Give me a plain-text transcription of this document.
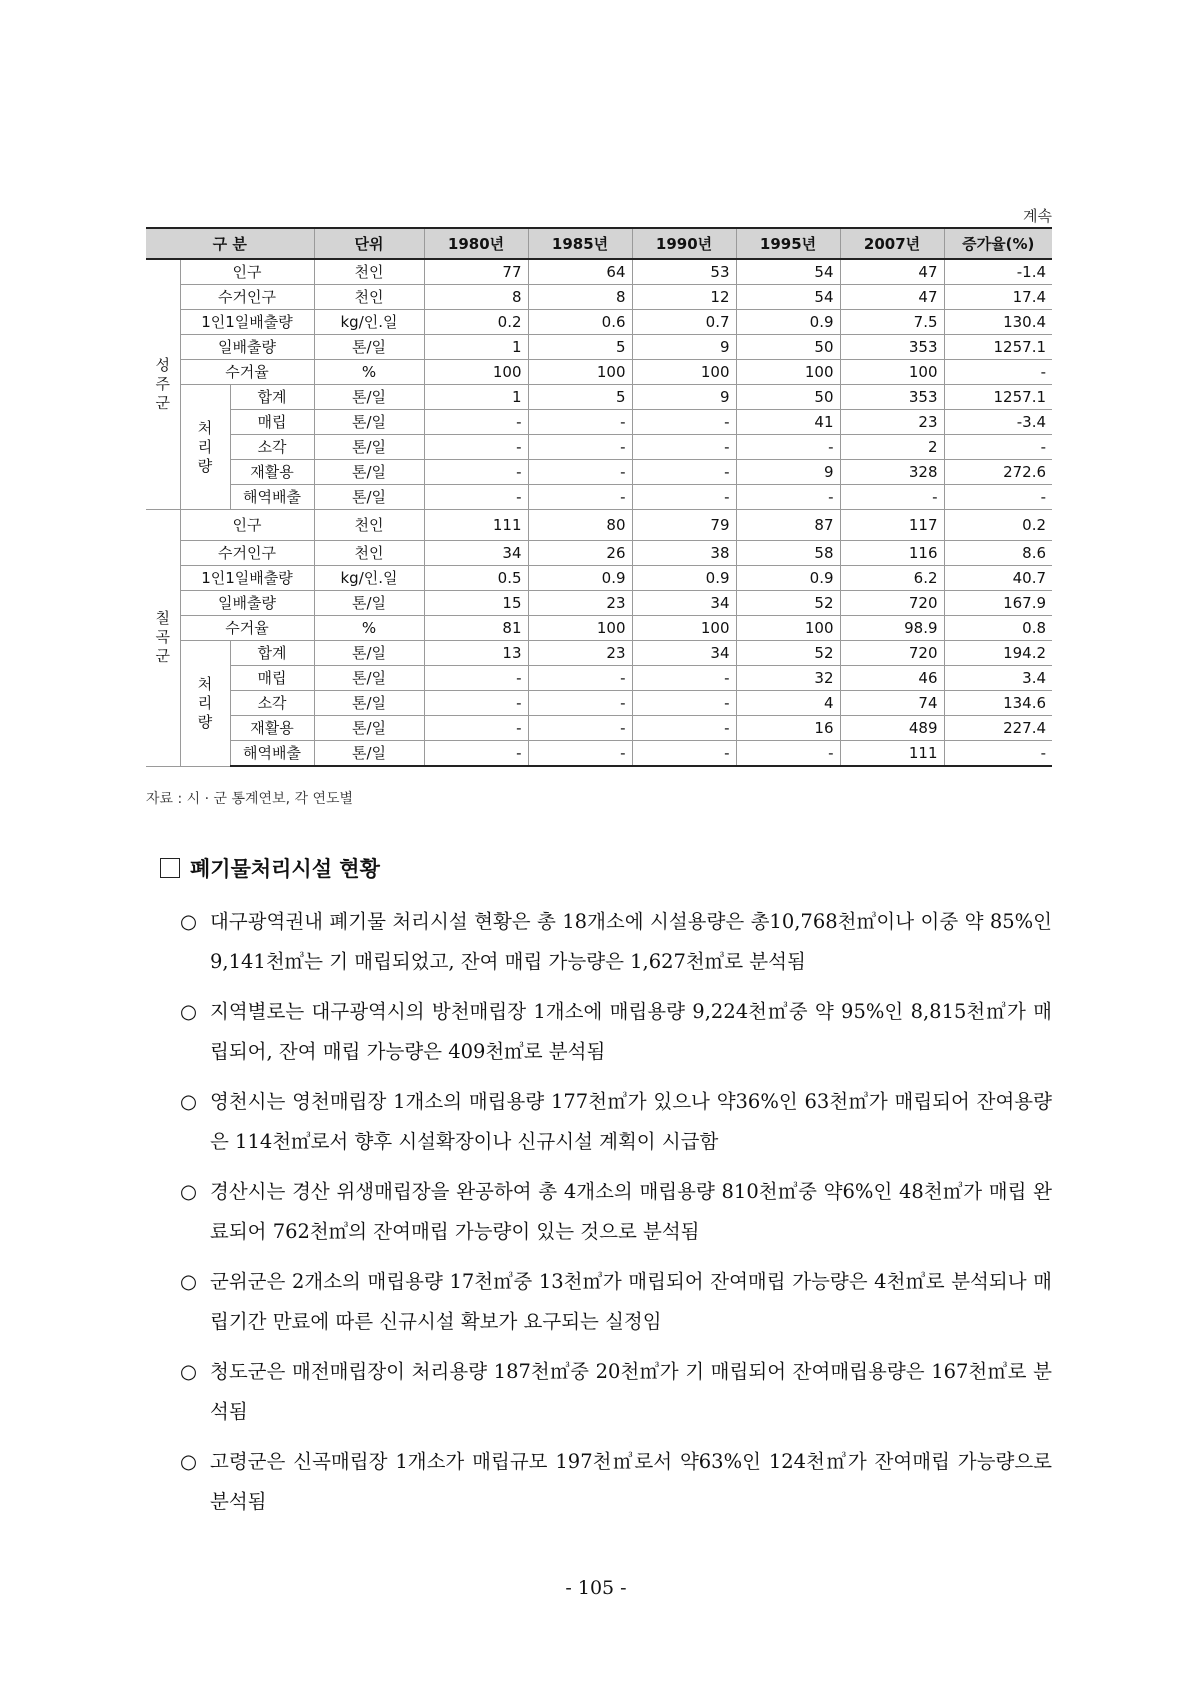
계속
구 분			단위	1980년	1985년	1990년	1995년	2007년	증가율(%)

성주군	인구		천인	77	64	53	54	47	-1.4
	수거인구		천인	8	8	12	54	47	17.4
	1인1일배출량		kg/인.일	0.2	0.6	0.7	0.9	7.5	130.4
	일배출량		톤/일	1	5	9	50	353	1257.1
	수거율		%	100	100	100	100	100	-

	처리량	합계	톤/일	1	5	9	50	353	1257.1
		매립	톤/일	-	-	-	41	23	-3.4
		소각	톤/일	-	-	-	-	2	-
		재활용	톤/일	-	-	-	9	328	272.6
		해역배출	톤/일	-	-	-	-	-	-

칠곡군	인구		천인	111	80	79	87	117	0.2
	수거인구		천인	34	26	38	58	116	8.6
	1인1일배출량		kg/인.일	0.5	0.9	0.9	0.9	6.2	40.7
	일배출량		톤/일	15	23	34	52	720	167.9
	수거율		%	81	100	100	100	98.9	0.8

	처리량	합계	톤/일	13	23	34	52	720	194.2
		매립	톤/일	-	-	-	32	46	3.4
		소각	톤/일	-	-	-	4	74	134.6
		재활용	톤/일	-	-	-	16	489	227.4
		해역배출	톤/일	-	-	-	-	111	-
자료 : 시 · 군 통계연보, 각 연도별
폐기물처리시설 현황
○ 대구광역권내 폐기물 처리시설 현황은 총 18개소에 시설용량은 총10,768천㎥이나 이중 약 85%인 9,141천㎥는 기 매립되었고, 잔여 매립 가능량은 1,627천㎥로 분석됨
○ 지역별로는 대구광역시의 방천매립장 1개소에 매립용량 9,224천㎥중 약 95%인 8,815천㎥가 매립되어, 잔여 매립 가능량은 409천㎥로 분석됨
○ 영천시는 영천매립장 1개소의 매립용량 177천㎥가 있으나 약36%인 63천㎥가 매립되어 잔여용량은 114천㎥로서 향후 시설확장이나 신규시설 계획이 시급함
○ 경산시는 경산 위생매립장을 완공하여 총 4개소의 매립용량 810천㎥중 약6%인 48천㎥가 매립 완료되어 762천㎥의 잔여매립 가능량이 있는 것으로 분석됨
○ 군위군은 2개소의 매립용량 17천㎥중 13천㎥가 매립되어 잔여매립 가능량은 4천㎥로 분석되나 매립기간 만료에 따른 신규시설 확보가 요구되는 실정임
○ 청도군은 매전매립장이 처리용량 187천㎥중 20천㎥가 기 매립되어 잔여매립용량은 167천㎥로 분석됨
○ 고령군은 신곡매립장 1개소가 매립규모 197천㎥로서 약63%인 124천㎥가 잔여매립 가능량으로 분석됨
- 105 -
